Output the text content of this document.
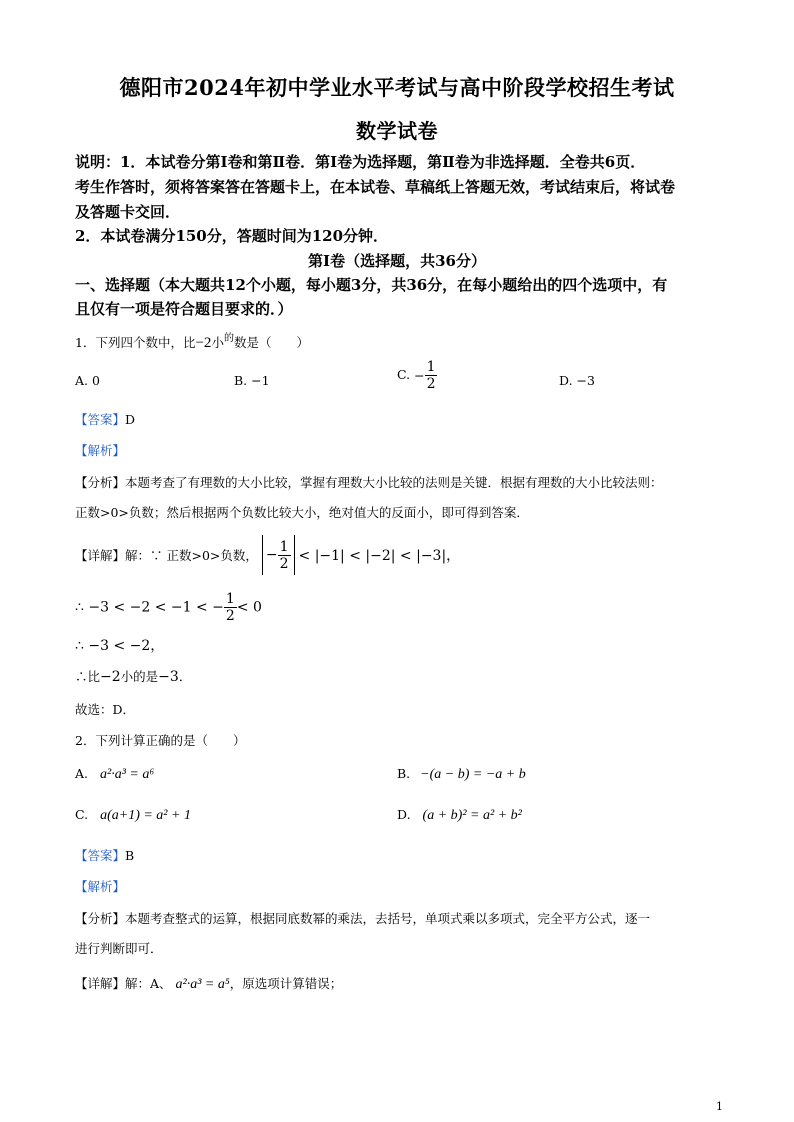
德阳市2024年初中学业水平考试与高中阶段学校招生考试
数学试卷
说明：1．本试卷分第Ⅰ卷和第Ⅱ卷．第Ⅰ卷为选择题，第Ⅱ卷为非选择题．全卷共6页．
考生作答时，须将答案答在答题卡上，在本试卷、草稿纸上答题无效，考试结束后，将试卷
及答题卡交回．
2．本试卷满分150分，答题时间为120分钟．
第Ⅰ卷（选择题，共36分）
一、选择题（本大题共12个小题，每小题3分，共36分，在每小题给出的四个选项中，有
且仅有一项是符合题目要求的．）
1．下列四个数中，比−2小$^的$数是（　　）
A. 0	B. −1	C. − $\frac{1}{2}$	D. −3
【答案】D
【解析】
【分析】本题考查了有理数的大小比较，掌握有理数大小比较的法则是关键．根据有理数的大小比较法则：
正数>0>负数；然后根据两个负数比较大小，绝对值大的反面小，即可得到答案．
【详解】解：∵ 正数>0>负数， − $\frac{1}{2} < |-1| < |-2| < |-3|$，
∴ −3 < −2 < −1 < − $\frac{1}{2} < 0$
∴ −3 < −2，
∴比−2小的是−3．
故选：D．
2．下列计算正确的是（　　）
A. a²·a³ = a⁶	B. −(a − b) = −a + b
C. a(a+1) = a² + 1	D. (a + b)² = a² + b²
【答案】B
【解析】
【分析】本题考查整式的运算，根据同底数幂的乘法，去括号，单项式乘以多项式，完全平方公式，逐一
进行判断即可．
【详解】解：A、 a²·a³ = a⁵，原选项计算错误；
1
